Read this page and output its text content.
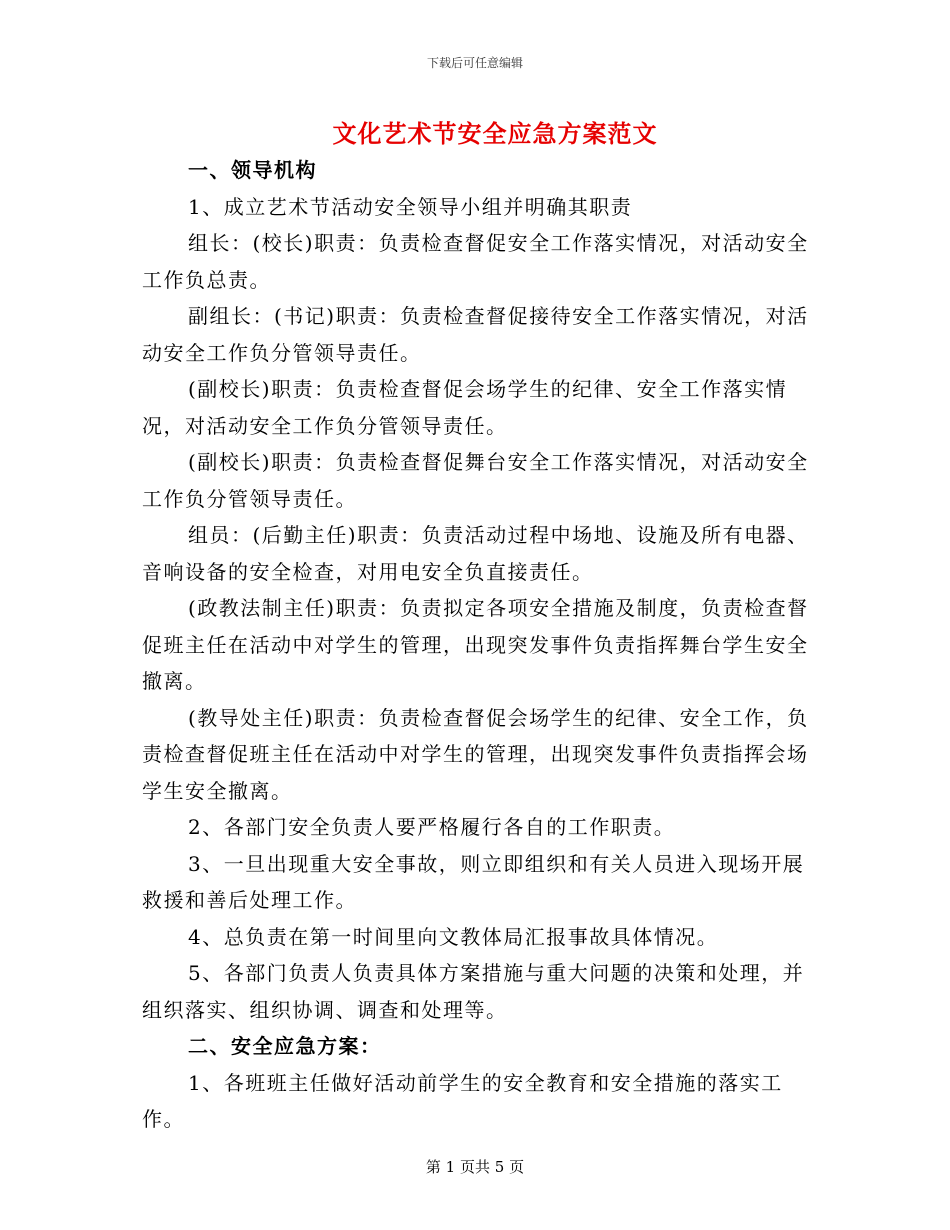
下载后可任意编辑
文化艺术节安全应急方案范文

一、领导机构

1、成立艺术节活动安全领导小组并明确其职责

组长：(校长)职责：负责检查督促安全工作落实情况，对活动安全工作负总责。

副组长：(书记)职责：负责检查督促接待安全工作落实情况，对活动安全工作负分管领导责任。

(副校长)职责：负责检查督促会场学生的纪律、安全工作落实情况，对活动安全工作负分管领导责任。

(副校长)职责：负责检查督促舞台安全工作落实情况，对活动安全工作负分管领导责任。

组员：(后勤主任)职责：负责活动过程中场地、设施及所有电器、音响设备的安全检查，对用电安全负直接责任。

(政教法制主任)职责：负责拟定各项安全措施及制度，负责检查督促班主任在活动中对学生的管理，出现突发事件负责指挥舞台学生安全撤离。

(教导处主任)职责：负责检查督促会场学生的纪律、安全工作，负责检查督促班主任在活动中对学生的管理，出现突发事件负责指挥会场学生安全撤离。

2、各部门安全负责人要严格履行各自的工作职责。

3、一旦出现重大安全事故，则立即组织和有关人员进入现场开展救援和善后处理工作。

4、总负责在第一时间里向文教体局汇报事故具体情况。

5、各部门负责人负责具体方案措施与重大问题的决策和处理，并组织落实、组织协调、调查和处理等。

二、安全应急方案：

1、各班班主任做好活动前学生的安全教育和安全措施的落实工作。

第 1 页共 5 页
